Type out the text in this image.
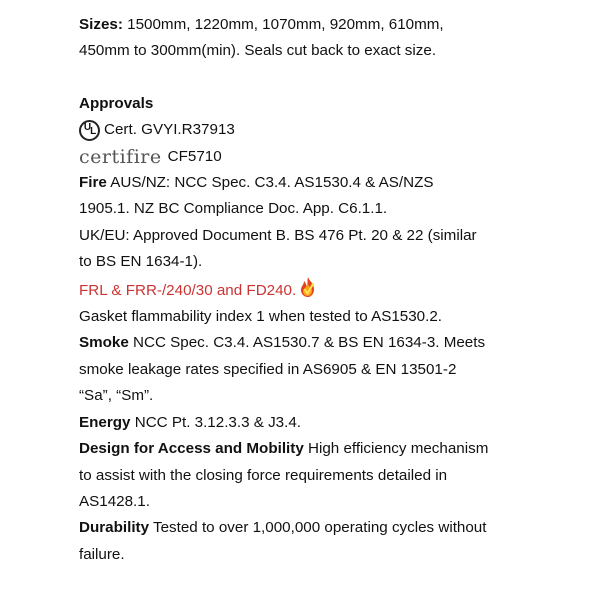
Sizes: 1500mm, 1220mm, 1070mm, 920mm, 610mm,
450mm to 300mm(min). Seals cut back to exact size.
Approvals
U L Cert. GVYI.R37913
certifire CF5710
Fire AUS/NZ: NCC Spec. C3.4. AS1530.4 & AS/NZS
1905.1. NZ BC Compliance Doc. App. C6.1.1.
UK/EU: Approved Document B. BS 476 Pt. 20 & 22 (similar
to BS EN 1634-1).
FRL & FRR-/240/30 and FD240.
Gasket flammability index 1 when tested to AS1530.2.
Smoke NCC Spec. C3.4. AS1530.7 & BS EN 1634-3. Meets
smoke leakage rates specified in AS6905 & EN 13501-2
“Sa”, “Sm”.
Energy NCC Pt. 3.12.3.3 & J3.4.
Design for Access and Mobility High efficiency mechanism
to assist with the closing force requirements detailed in
AS1428.1.
Durability Tested to over 1,000,000 operating cycles without
failure.
